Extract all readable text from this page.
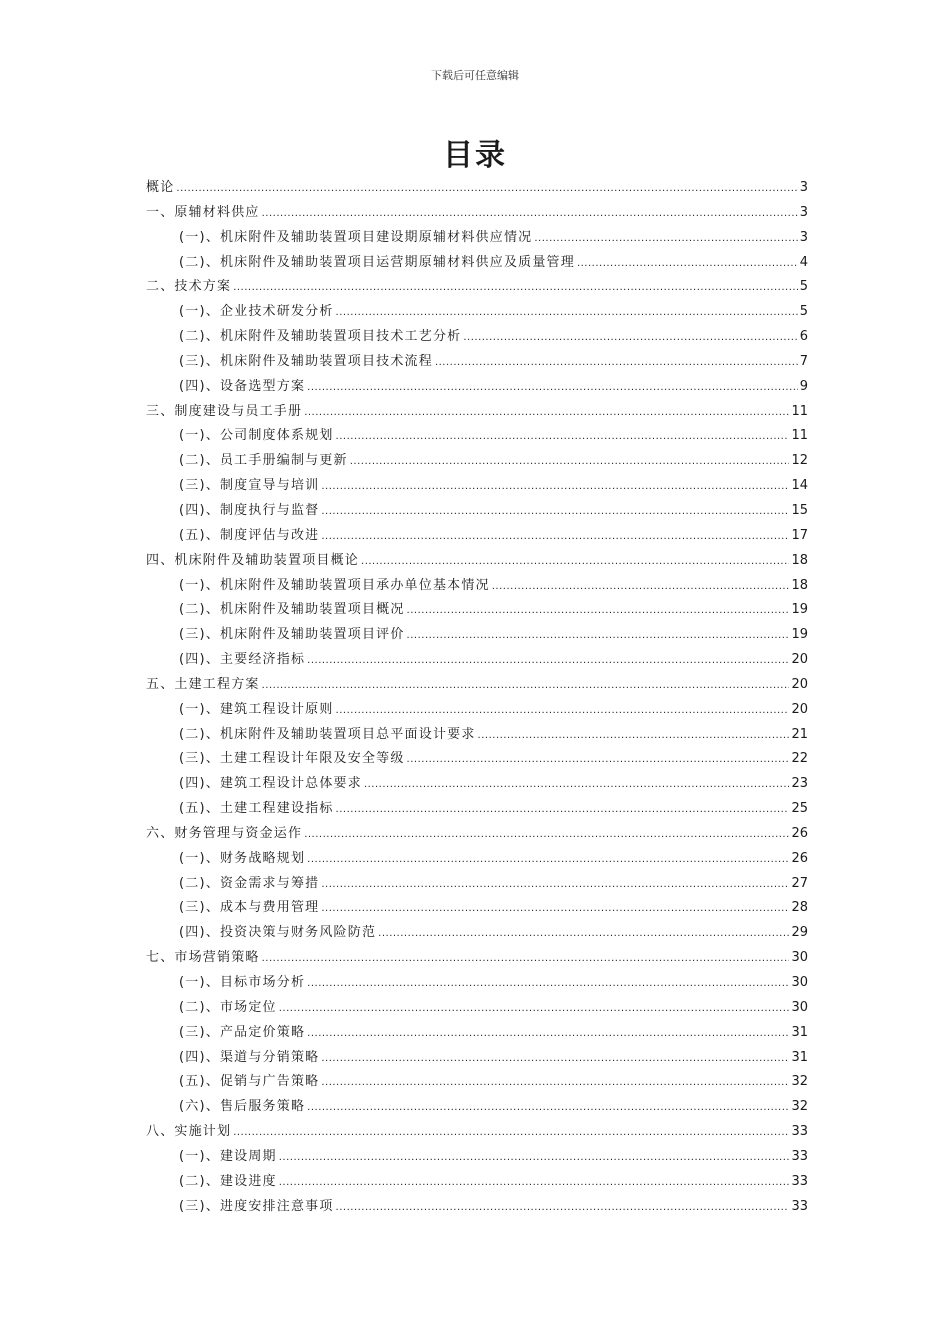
下载后可任意编辑
目录
概论 .....	3
一、原辅材料供应 .....	3
(一)、机床附件及辅助装置项目建设期原辅材料供应情况 .....	3
(二)、机床附件及辅助装置项目运营期原辅材料供应及质量管理 .....	4
二、技术方案 .....	5
(一)、企业技术研发分析 .....	5
(二)、机床附件及辅助装置项目技术工艺分析 .....	6
(三)、机床附件及辅助装置项目技术流程 .....	7
(四)、设备选型方案 .....	9
三、制度建设与员工手册 .....	11
(一)、公司制度体系规划 .....	11
(二)、员工手册编制与更新 .....	12
(三)、制度宣导与培训 .....	14
(四)、制度执行与监督 .....	15
(五)、制度评估与改进 .....	17
四、机床附件及辅助装置项目概论 .....	18
(一)、机床附件及辅助装置项目承办单位基本情况 .....	18
(二)、机床附件及辅助装置项目概况 .....	19
(三)、机床附件及辅助装置项目评价 .....	19
(四)、主要经济指标 .....	20
五、土建工程方案 .....	20
(一)、建筑工程设计原则 .....	20
(二)、机床附件及辅助装置项目总平面设计要求 .....	21
(三)、土建工程设计年限及安全等级 .....	22
(四)、建筑工程设计总体要求 .....	23
(五)、土建工程建设指标 .....	25
六、财务管理与资金运作 .....	26
(一)、财务战略规划 .....	26
(二)、资金需求与筹措 .....	27
(三)、成本与费用管理 .....	28
(四)、投资决策与财务风险防范 .....	29
七、市场营销策略 .....	30
(一)、目标市场分析 .....	30
(二)、市场定位 .....	30
(三)、产品定价策略 .....	31
(四)、渠道与分销策略 .....	31
(五)、促销与广告策略 .....	32
(六)、售后服务策略 .....	32
八、实施计划 .....	33
(一)、建设周期 .....	33
(二)、建设进度 .....	33
(三)、进度安排注意事项 .....	33
